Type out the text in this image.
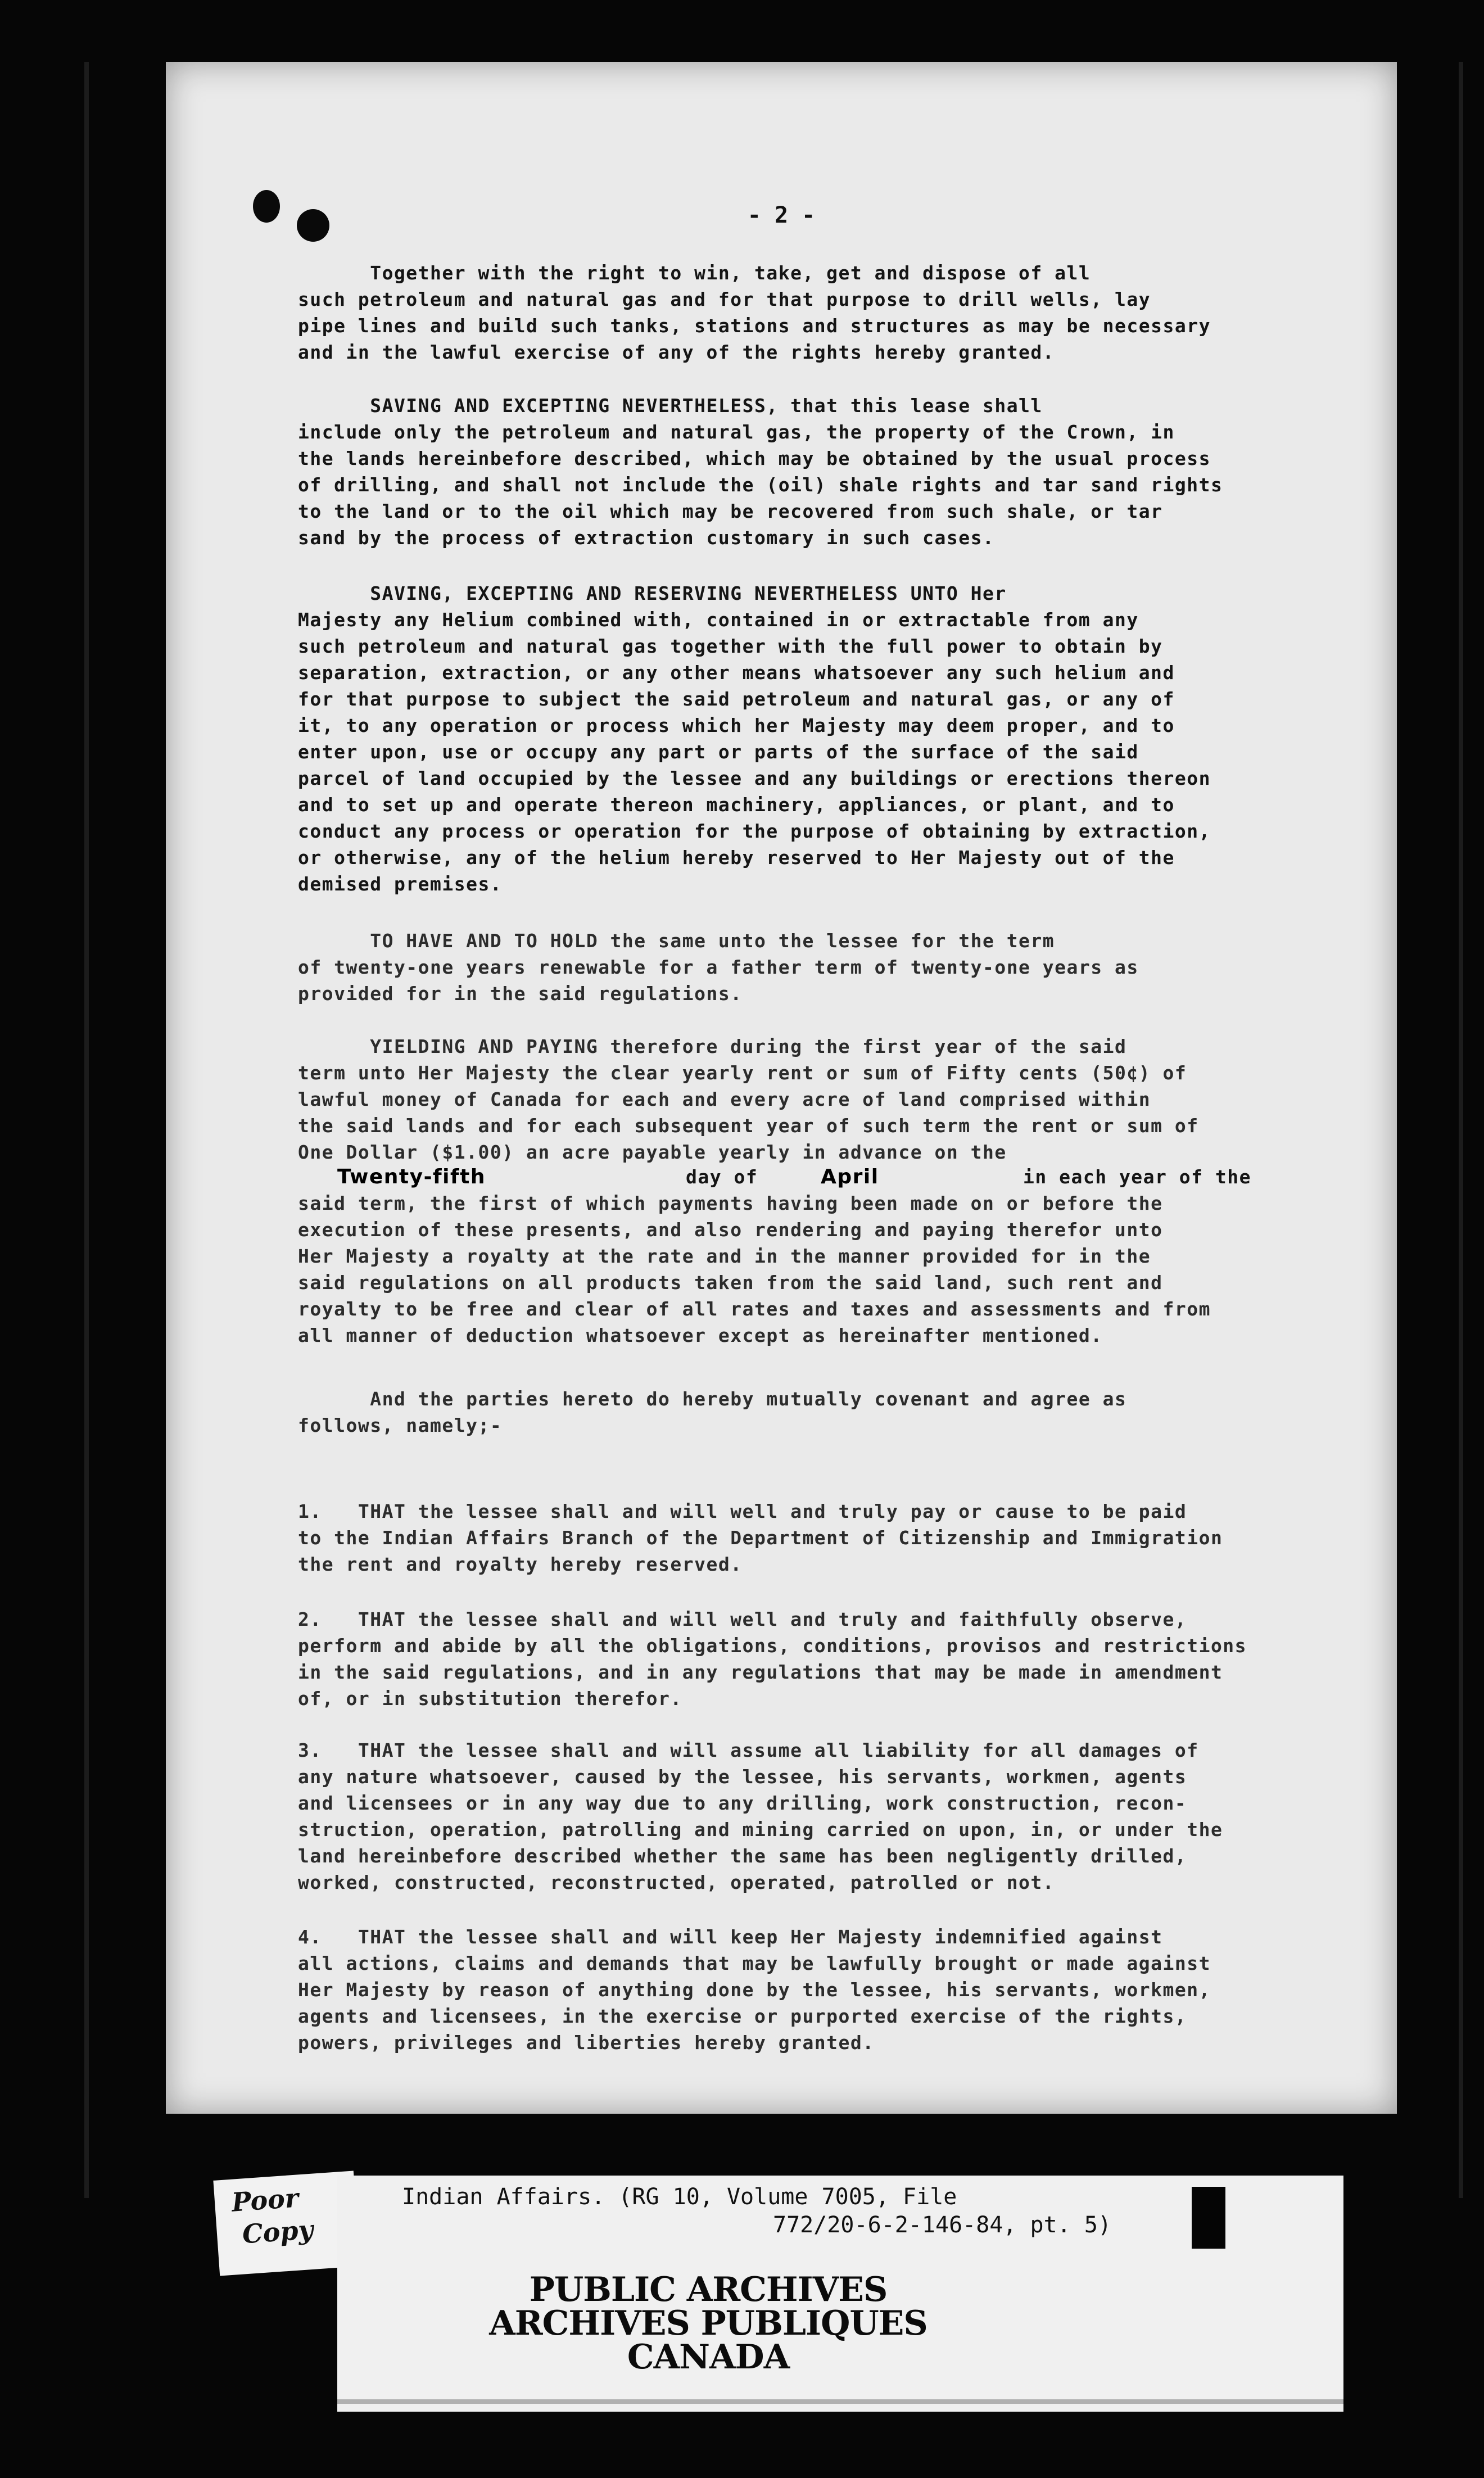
- 2 -

Together with the right to win, take, get and dispose of all
such petroleum and natural gas and for that purpose to drill wells, lay
pipe lines and build such tanks, stations and structures as may be necessary
and in the lawful exercise of any of the rights hereby granted.

SAVING AND EXCEPTING NEVERTHELESS, that this lease shall
include only the petroleum and natural gas, the property of the Crown, in
the lands hereinbefore described, which may be obtained by the usual process
of drilling, and shall not include the (oil) shale rights and tar sand rights
to the land or to the oil which may be recovered from such shale, or tar
sand by the process of extraction customary in such cases.

SAVING, EXCEPTING AND RESERVING NEVERTHELESS UNTO Her
Majesty any Helium combined with, contained in or extractable from any
such petroleum and natural gas together with the full power to obtain by
separation, extraction, or any other means whatsoever any such helium and
for that purpose to subject the said petroleum and natural gas, or any of
it, to any operation or process which her Majesty may deem proper, and to
enter upon, use or occupy any part or parts of the surface of the said
parcel of land occupied by the lessee and any buildings or erections thereon
and to set up and operate thereon machinery, appliances, or plant, and to
conduct any process or operation for the purpose of obtaining by extraction,
or otherwise, any of the helium hereby reserved to Her Majesty out of the
demised premises.

TO HAVE AND TO HOLD the same unto the lessee for the term
of twenty-one years renewable for a father term of twenty-one years as
provided for in the said regulations.

YIELDING AND PAYING therefore during the first year of the said
term unto Her Majesty the clear yearly rent or sum of Fifty cents (50¢) of
lawful money of Canada for each and every acre of land comprised within
the said lands and for each subsequent year of such term the rent or sum of
One Dollar ($1.00) an acre payable yearly in advance on the

Twenty-fifth	day of	April	in each year of the

said term, the first of which payments having been made on or before the
execution of these presents, and also rendering and paying therefor unto
Her Majesty a royalty at the rate and in the manner provided for in the
said regulations on all products taken from the said land, such rent and
royalty to be free and clear of all rates and taxes and assessments and from
all manner of deduction whatsoever except as hereinafter mentioned.

And the parties hereto do hereby mutually covenant and agree as
follows, namely;-

1.   THAT the lessee shall and will well and truly pay or cause to be paid
to the Indian Affairs Branch of the Department of Citizenship and Immigration
the rent and royalty hereby reserved.

2.   THAT the lessee shall and will well and truly and faithfully observe,
perform and abide by all the obligations, conditions, provisos and restrictions
in the said regulations, and in any regulations that may be made in amendment
of, or in substitution therefor.

3.   THAT the lessee shall and will assume all liability for all damages of
any nature whatsoever, caused by the lessee, his servants, workmen, agents
and licensees or in any way due to any drilling, work construction, recon-
struction, operation, patrolling and mining carried on upon, in, or under the
land hereinbefore described whether the same has been negligently drilled,
worked, constructed, reconstructed, operated, patrolled or not.

4.   THAT the lessee shall and will keep Her Majesty indemnified against
all actions, claims and demands that may be lawfully brought or made against
Her Majesty by reason of anything done by the lessee, his servants, workmen,
agents and licensees, in the exercise or purported exercise of the rights,
powers, privileges and liberties hereby granted.

Poor
Copy
Indian Affairs. (RG 10, Volume 7005, File
772/20-6-2-146-84, pt. 5)
PUBLIC ARCHIVES
ARCHIVES PUBLIQUES
CANADA
